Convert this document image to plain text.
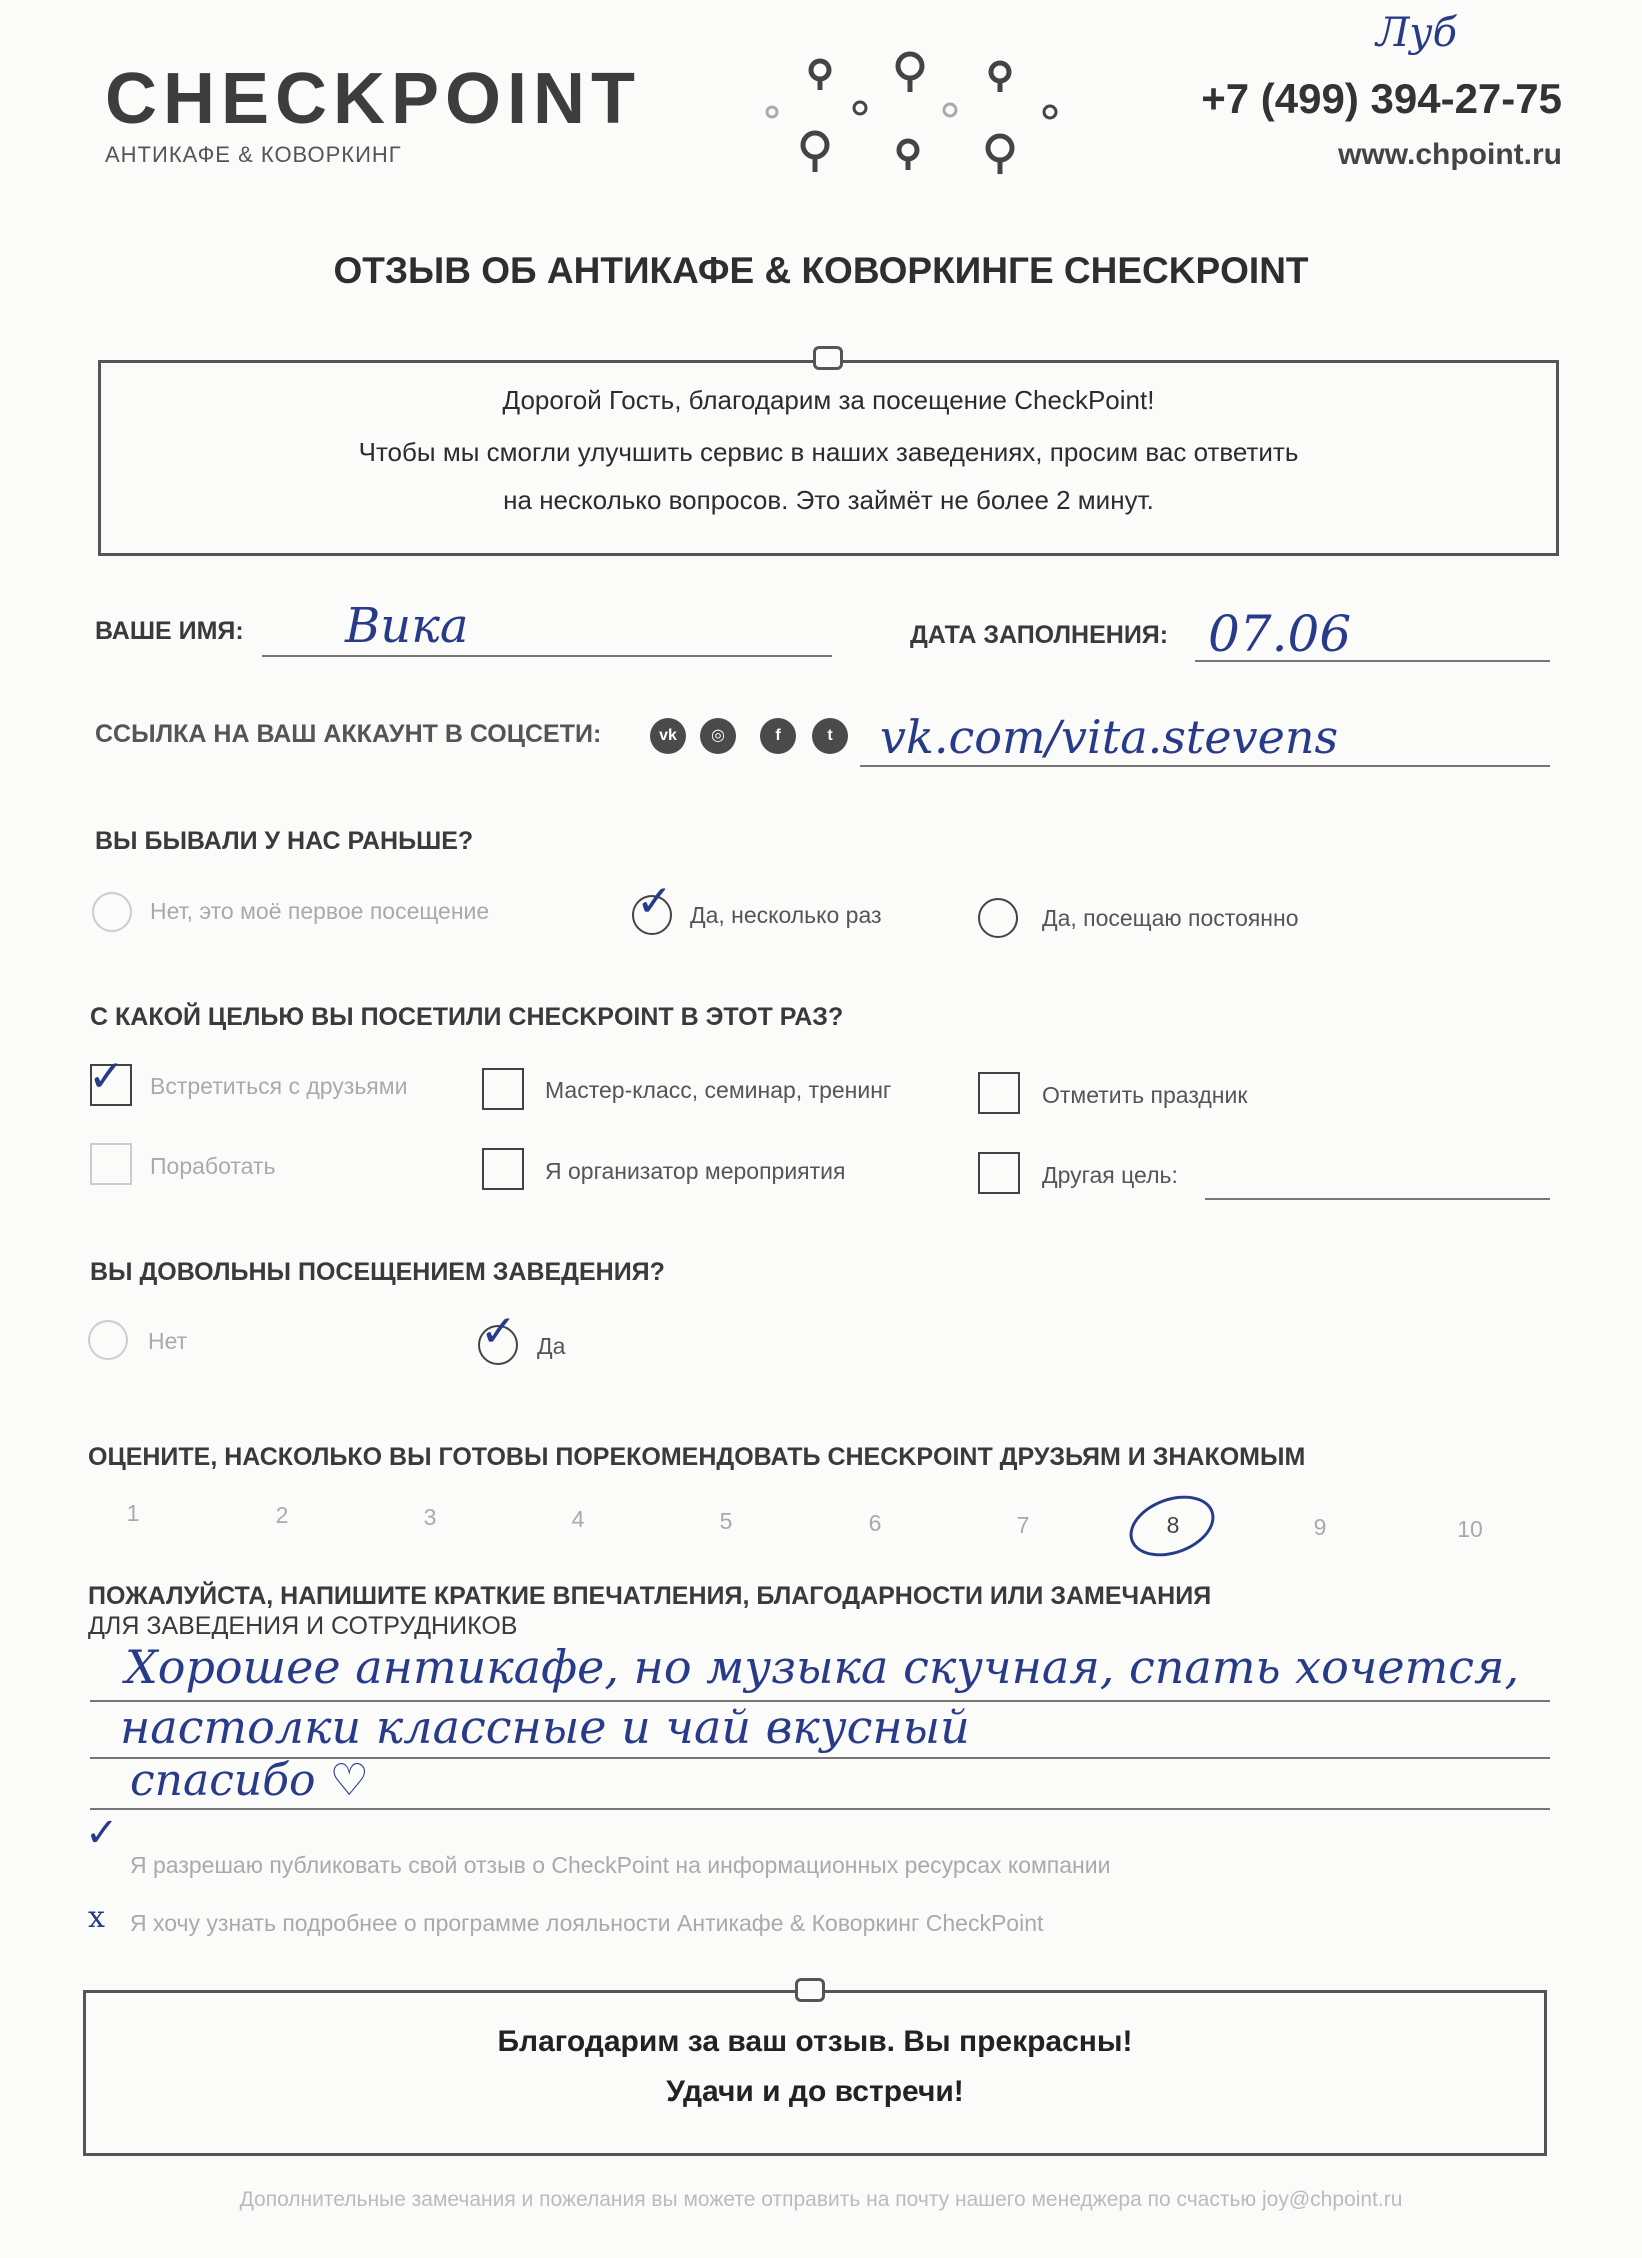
CHECKPOINT
АНТИКАФЕ & КОВОРКИНГ
+7 (499) 394-27-75
www.chpoint.ru
Луб
ОТЗЫВ ОБ АНТИКАФЕ & КОВОРКИНГЕ CHECKPOINT
Дорогой Гость, благодарим за посещение CheckPoint!
Чтобы мы смогли улучшить сервис в наших заведениях, просим вас ответить
на несколько вопросов. Это займёт не более 2 минут.
ВАШЕ ИМЯ: Вика	ДАТА ЗАПОЛНЕНИЯ: 07.06
ССЫЛКА НА ВАШ АККАУНТ В СОЦСЕТИ:	vk	◎	f	t	vk.com/vita.stevens
ВЫ БЫВАЛИ У НАС РАНЬШЕ?
Нет, это моё первое посещение	✓ Да, несколько раз	Да, посещаю постоянно
С КАКОЙ ЦЕЛЬЮ ВЫ ПОСЕТИЛИ CHECKPOINT В ЭТОТ РАЗ?
✓ Встретиться с друзьями	Мастер-класс, семинар, тренинг	Отметить праздник
Поработать	Я организатор мероприятия	Другая цель:
ВЫ ДОВОЛЬНЫ ПОСЕЩЕНИЕМ ЗАВЕДЕНИЯ?
Нет	✓ Да
ОЦЕНИТЕ, НАСКОЛЬКО ВЫ ГОТОВЫ ПОРЕКОМЕНДОВАТЬ CHECKPOINT ДРУЗЬЯМ И ЗНАКОМЫМ
1	2	3	4	5	6	7	8	9	10
ПОЖАЛУЙСТА, НАПИШИТЕ КРАТКИЕ ВПЕЧАТЛЕНИЯ, БЛАГОДАРНОСТИ ИЛИ ЗАМЕЧАНИЯ
ДЛЯ ЗАВЕДЕНИЯ И СОТРУДНИКОВ
Хорошее антикафе, но музыка скучная, спать хочется,
настолки классные и чай вкусный
спасибо ♡
✓
Я разрешаю публиковать свой отзыв о CheckPoint на информационных ресурсах компании
x Я хочу узнать подробнее о программе лояльности Антикафе & Коворкинг CheckPoint
Благодарим за ваш отзыв. Вы прекрасны!
Удачи и до встречи!
Дополнительные замечания и пожелания вы можете отправить на почту нашего менеджера по счастью joy@chpoint.ru
